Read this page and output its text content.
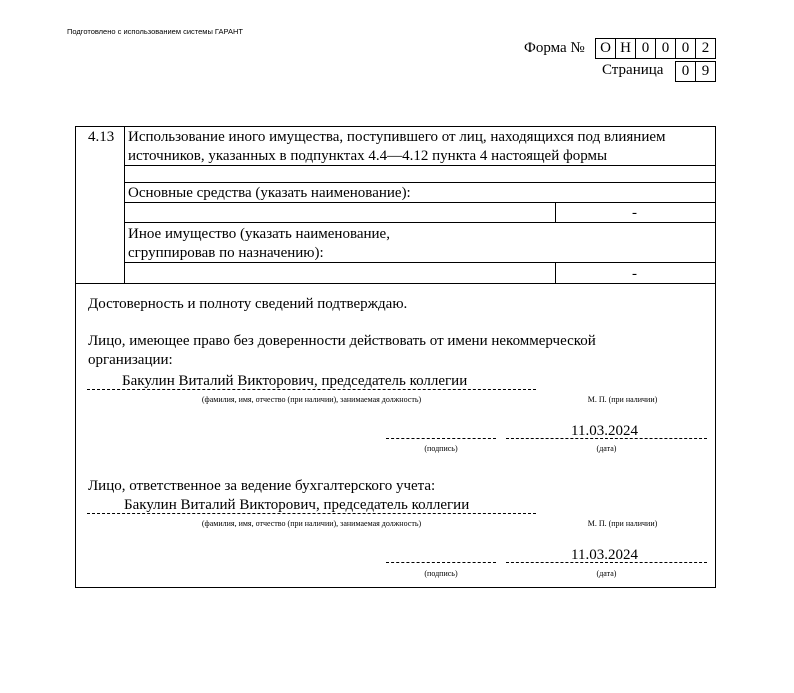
Подготовлено с использованием системы ГАРАНТ
Форма №	О Н 0 0 0 2
Страница	0 9
4.13 Использование иного имущества, поступившего от лиц, находящихся под влиянием
источников, указанных в подпунктах 4.4—4.12 пункта 4 настоящей формы
Основные средства (указать наименование):
-
Иное имущество (указать наименование,
сгруппировав по назначению):
-
Достоверность и полноту сведений подтверждаю.
Лицо, имеющее право без доверенности действовать от имени некоммерческой
организации:
Бакулин Виталий Викторович, председатель коллегии
(фамилия, имя, отчество (при наличии), занимаемая должность)	М. П. (при наличии)
11.03.2024
(подпись)	(дата)
Лицо, ответственное за ведение бухгалтерского учета:
Бакулин Виталий Викторович, председатель коллегии
(фамилия, имя, отчество (при наличии), занимаемая должность)	М. П. (при наличии)
11.03.2024
(подпись)	(дата)
